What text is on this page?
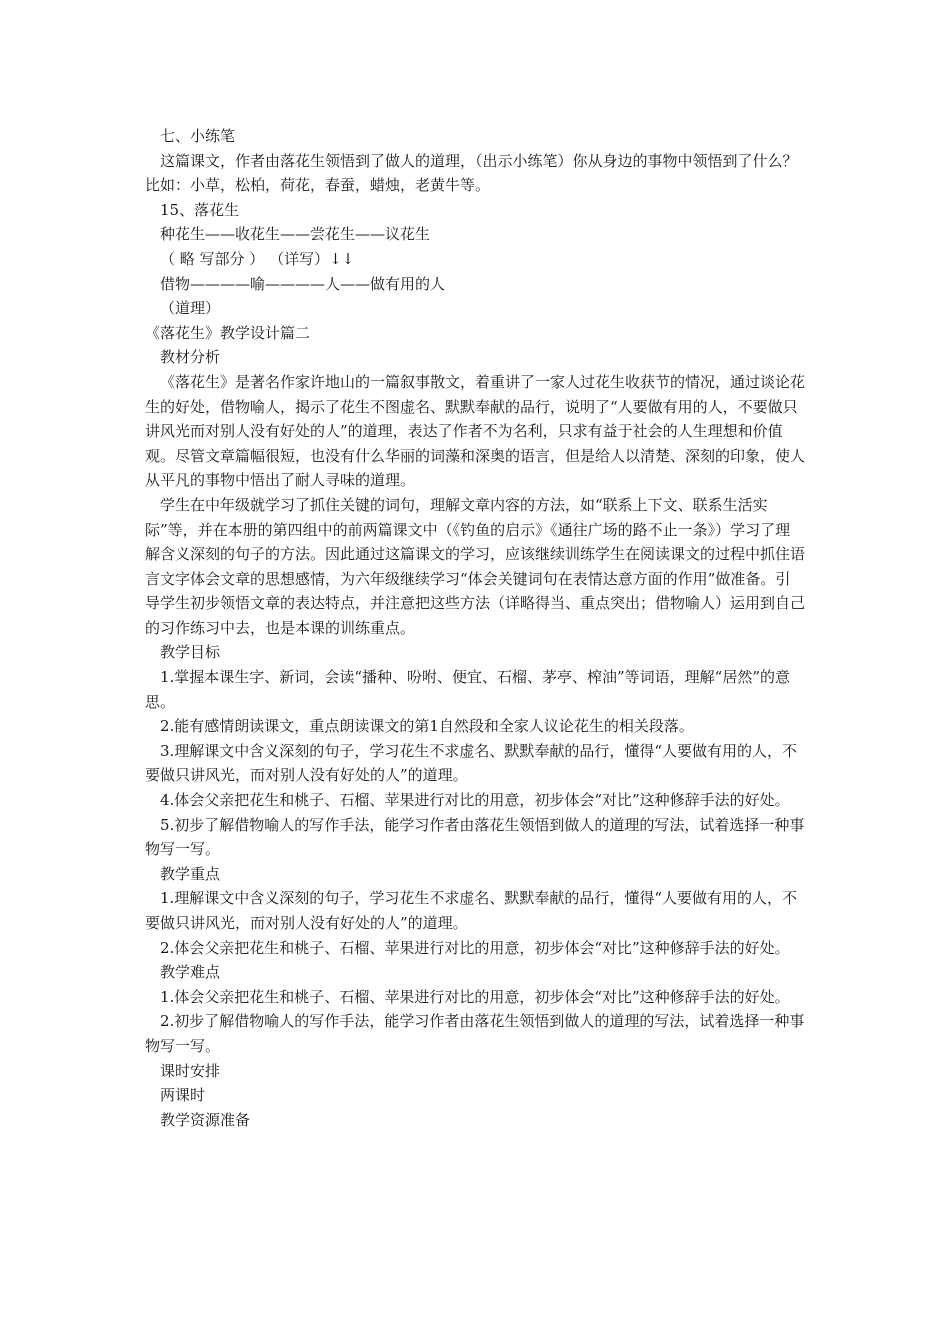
七、小练笔

这篇课文，作者由落花生领悟到了做人的道理，（出示小练笔）你从身边的事物中领悟到了什么？ 比如：小草，松柏，荷花，春蚕，蜡烛，老黄牛等。

15、落花生

种花生——收花生——尝花生——议花生

（ 略 写部分 ） （详写）↓↓

借物————喻————人——做有用的人

（道理）

《落花生》教学设计篇二

教材分析

《落花生》是著名作家许地山的一篇叙事散文，着重讲了一家人过花生收获节的情况，通过谈论花生的好处，借物喻人，揭示了花生不图虚名、默默奉献的品行，说明了“人要做有用的人，不要做只讲风光而对别人没有好处的人”的道理，表达了作者不为名利，只求有益于社会的人生理想和价值观。尽管文章篇幅很短，也没有什么华丽的词藻和深奥的语言，但是给人以清楚、深刻的印象，使人从平凡的事物中悟出了耐人寻味的道理。

学生在中年级就学习了抓住关键的词句，理解文章内容的方法，如“联系上下文、联系生活实际”等，并在本册的第四组中的前两篇课文中（《钓鱼的启示》《通往广场的路不止一条》）学习了理解含义深刻的句子的方法。因此通过这篇课文的学习，应该继续训练学生在阅读课文的过程中抓住语言文字体会文章的思想感情，为六年级继续学习“体会关键词句在表情达意方面的作用”做准备。引导学生初步领悟文章的表达特点，并注意把这些方法（详略得当、重点突出；借物喻人）运用到自己的习作练习中去，也是本课的训练重点。

教学目标

1.掌握本课生字、新词，会读“播种、吩咐、便宜、石榴、茅亭、榨油”等词语，理解“居然”的意思。

2.能有感情朗读课文，重点朗读课文的第1自然段和全家人议论花生的相关段落。

3.理解课文中含义深刻的句子，学习花生不求虚名、默默奉献的品行，懂得“人要做有用的人，不要做只讲风光，而对别人没有好处的人”的道理。

4.体会父亲把花生和桃子、石榴、苹果进行对比的用意，初步体会“对比”这种修辞手法的好处。

5.初步了解借物喻人的写作手法，能学习作者由落花生领悟到做人的道理的写法，试着选择一种事物写一写。

教学重点

1.理解课文中含义深刻的句子，学习花生不求虚名、默默奉献的品行，懂得“人要做有用的人，不要做只讲风光，而对别人没有好处的人”的道理。

2.体会父亲把花生和桃子、石榴、苹果进行对比的用意，初步体会“对比”这种修辞手法的好处。

教学难点

1.体会父亲把花生和桃子、石榴、苹果进行对比的用意，初步体会“对比”这种修辞手法的好处。

2.初步了解借物喻人的写作手法，能学习作者由落花生领悟到做人的道理的写法，试着选择一种事物写一写。

课时安排

两课时

教学资源准备
